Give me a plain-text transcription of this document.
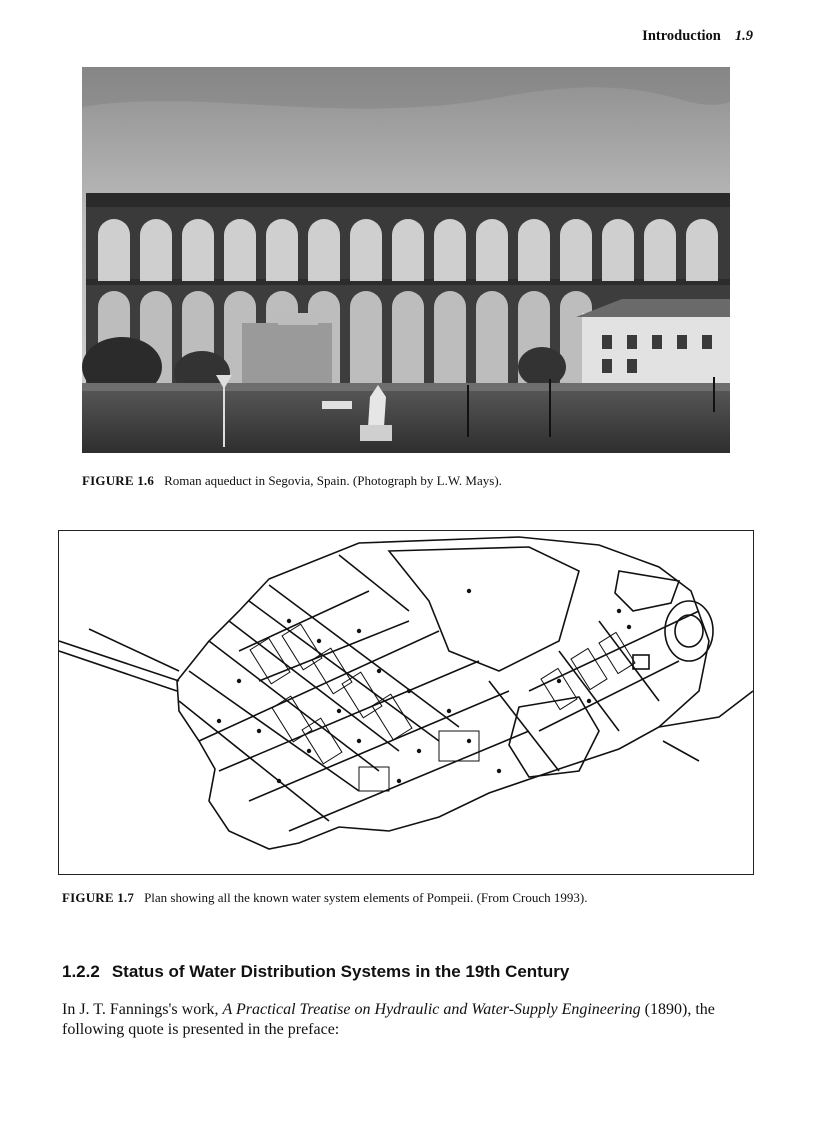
Introduction 1.9
FIGURE 1.6 Roman aqueduct in Segovia, Spain. (Photograph by L.W. Mays).
FIGURE 1.7 Plan showing all the known water system elements of Pompeii. (From Crouch 1993).
1.2.2 Status of Water Distribution Systems in the 19th Century

In J. T. Fannings's work, A Practical Treatise on Hydraulic and Water-Supply Engineering (1890), the following quote is presented in the preface:
